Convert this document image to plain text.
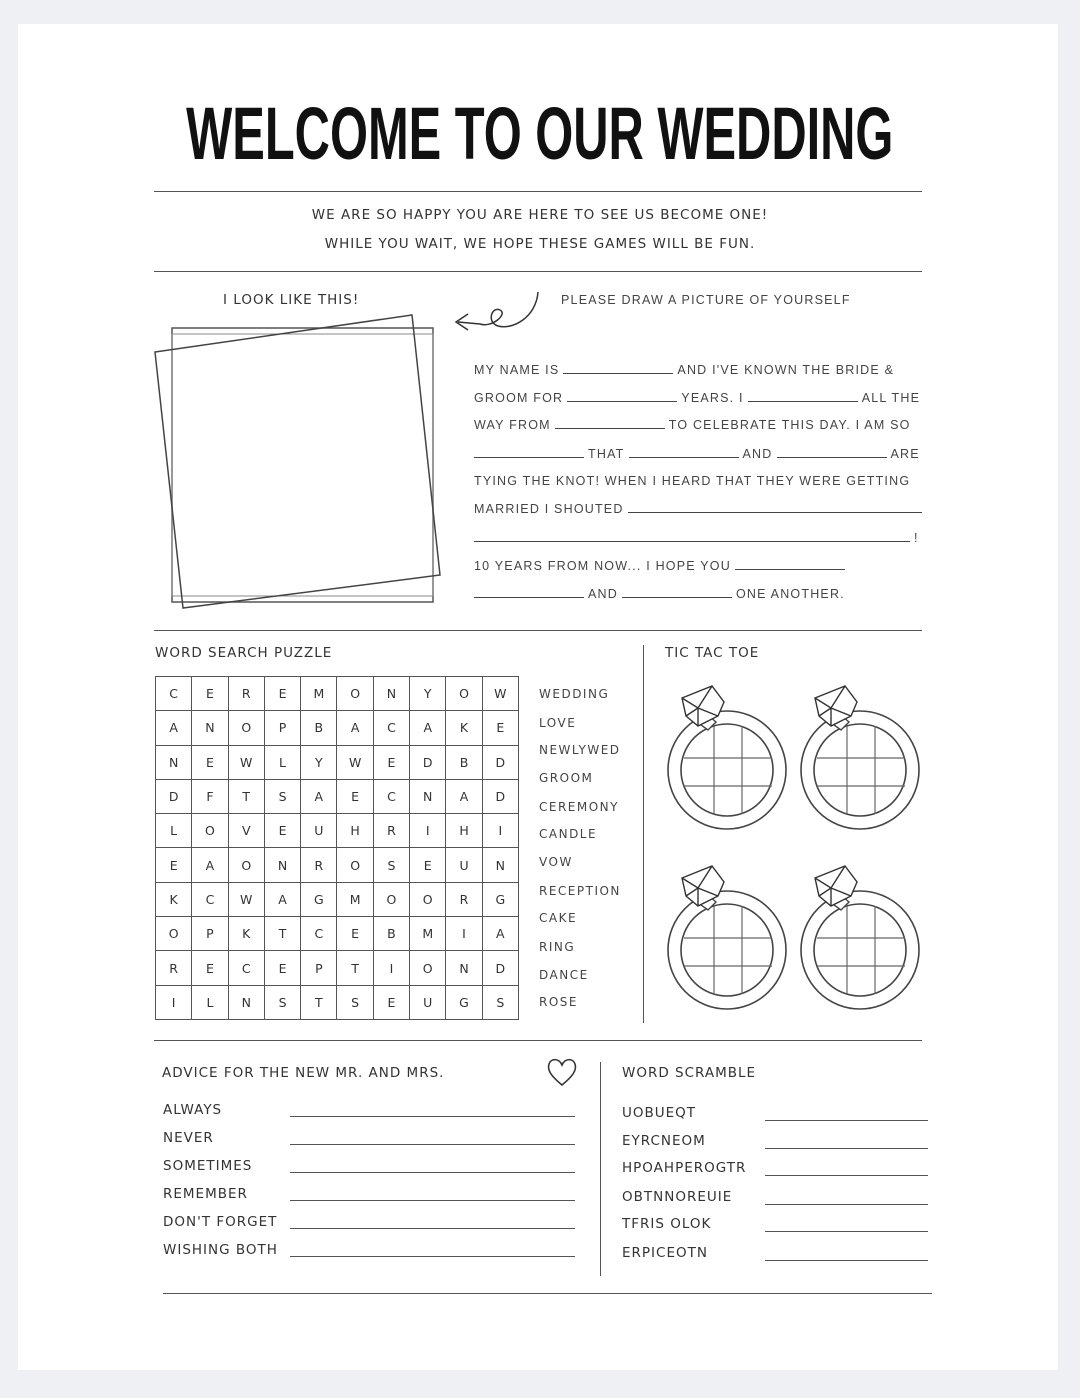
WELCOME TO OUR WEDDING
WE ARE SO HAPPY YOU ARE HERE TO SEE US BECOME ONE!
WHILE YOU WAIT, WE HOPE THESE GAMES WILL BE FUN.
I LOOK LIKE THIS!	PLEASE DRAW A PICTURE OF YOURSELF
MY NAME IS	AND I'VE KNOWN THE BRIDE &
GROOM FOR	YEARS. I	ALL THE
WAY FROM	TO CELEBRATE THIS DAY. I AM SO
THAT	AND	ARE
TYING THE KNOT! WHEN I HEARD THAT THEY WERE GETTING
MARRIED I SHOUTED
!
10 YEARS FROM NOW... I HOPE YOU
AND	ONE ANOTHER.
WORD SEARCH PUZZLE
C	E	R	E	M	O	N	Y	O	W
A	N	O	P	B	A	C	A	K	E
N	E	W	L	Y	W	E	D	B	D
D	F	T	S	A	E	C	N	A	D
L	O	V	E	U	H	R	I	H	I
E	A	O	N	R	O	S	E	U	N
K	C	W	A	G	M	O	O	R	G
O	P	K	T	C	E	B	M	I	A
R	E	C	E	P	T	I	O	N	D
I	L	N	S	T	S	E	U	G	S
WEDDING
LOVE
NEWLYWED
GROOM
CEREMONY
CANDLE
VOW
RECEPTION
CAKE
RING
DANCE
ROSE
TIC TAC TOE
ADVICE FOR THE NEW MR. AND MRS.
ALWAYS
NEVER
SOMETIMES
REMEMBER
DON'T FORGET
WISHING BOTH
WORD SCRAMBLE
UOBUEQT
EYRCNEOM
HPOAHPEROGTR
OBTNNOREUIE
TFRIS OLOK
ERPICEOTN
